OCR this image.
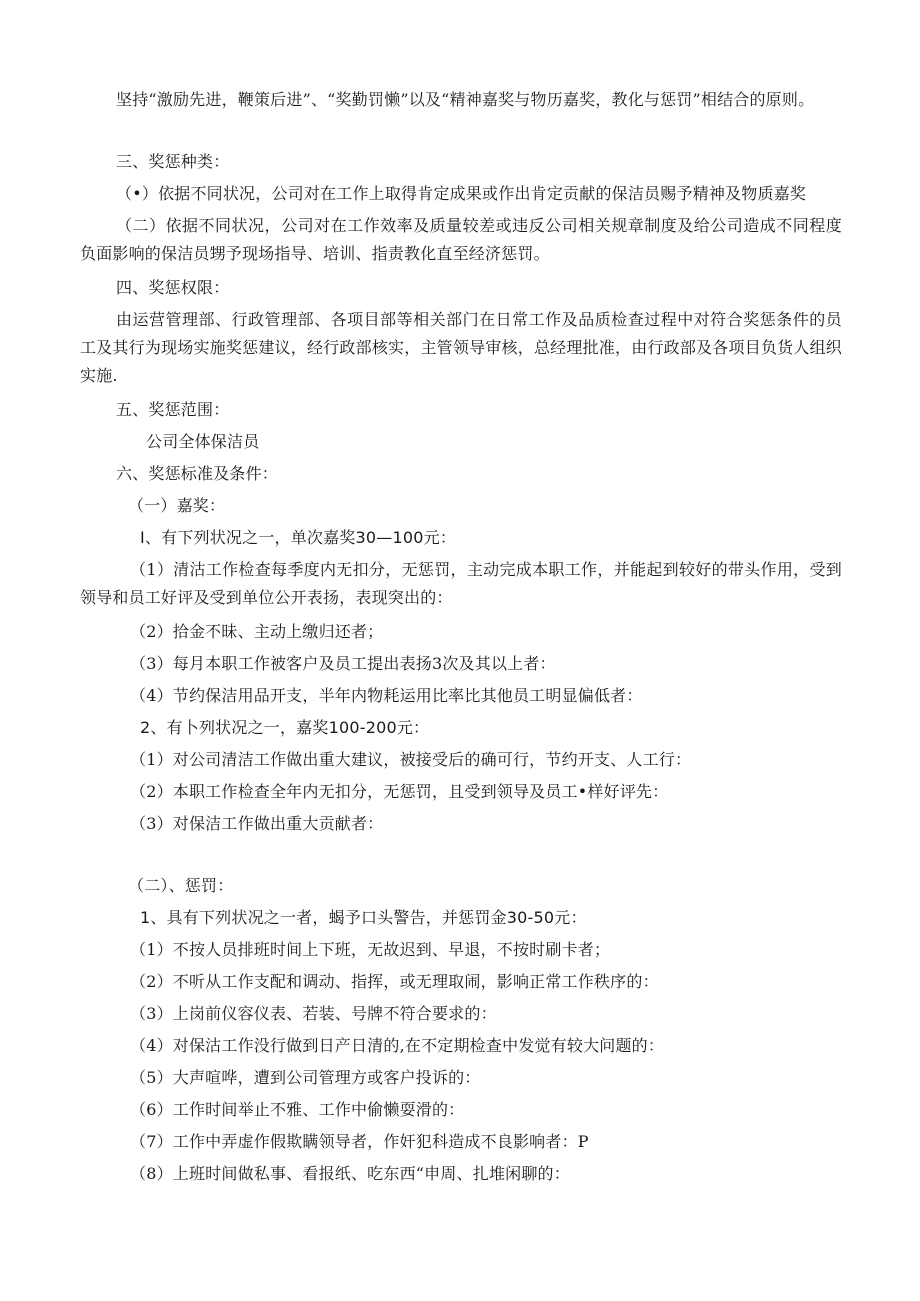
坚持“激励先进，鞭策后进”、“奖勤罚懒”以及“精神嘉奖与物历嘉奖，教化与惩罚”相结合的原则。
三、奖惩种类：
（•）依据不同状况，公司对在工作上取得肯定成果或作出肯定贡献的保洁员赐予精神及物质嘉奖
（二）依据不同状况，公司对在工作效率及质量较差或违反公司相关规章制度及给公司造成不同程度负面影响的保洁员甥予现场指导、培训、指责教化直至经济惩罚。
四、奖惩权限：
由运营管理部、行政管理部、各项目部等相关部门在日常工作及品质检查过程中对符合奖惩条件的员工及其行为现场实施奖惩建议，经行政部核实，主管领导审核，总经理批准，由行政部及各项目负货人组织实施.
五、奖惩范围：
公司全体保洁员
六、奖惩标准及条件：
（一）嘉奖：
Ⅰ、有下列状况之一，单次嘉奖30—100元：
（1）清沽工作检查每季度内无扣分，无惩罚，主动完成本职工作，并能起到较好的带头作用，受到领导和员工好评及受到单位公开表扬，表现突出的：
（2）拾金不昧、主动上缴归还者；
（3）每月本职工作被客户及员工提出表扬3次及其以上者：
（4）节约保洁用品开支，半年内物耗运用比率比其他员工明显偏低者：
2、有卜列状况之一，嘉奖100-200元：
（1）对公司清洁工作做出重大建议，被接受后的确可行，节约开支、人工行：
（2）本职工作检查全年内无扣分，无惩罚，且受到领导及员工•样好评先：
（3）对保洁工作做出重大贡献者：
（二）、惩罚：
1、具有下列状况之一者，蝎予口头警告，并惩罚金30-50元：
（1）不按人员排班时间上下班，无故迟到、早退，不按时刷卡者；
（2）不听从工作支配和调动、指挥，或无理取闹，影响正常工作秩序的：
（3）上岗前仪容仪表、若装、号牌不符合要求的：
（4）对保沽工作没行做到日产日清的,在不定期检查中发觉有较大问题的：
（5）大声喧哗，遭到公司管理方或客户投诉的：
（6）工作时间举止不雅、工作中偷懒耍滑的：
（7）工作中弄虚作假欺瞒领导者，作奸犯科造成不良影响者：P
（8）上班时间做私事、看报纸、吃东西“申周、扎堆闲聊的：
